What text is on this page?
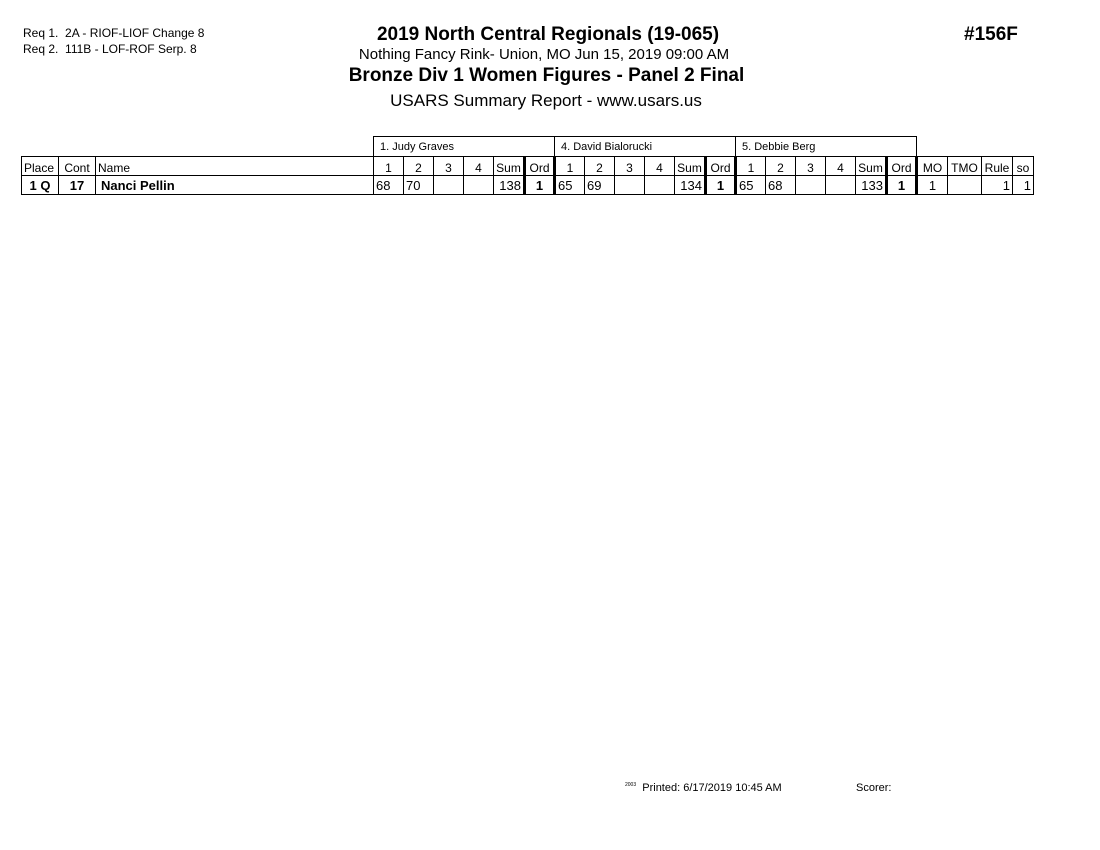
Req 1. 2A - RIOF-LIOF Change 8
Req 2. 111B - LOF-ROF Serp. 8
2019 North Central Regionals (19-065)
Nothing Fancy Rink- Union, MO Jun 15, 2019 09:00 AM
Bronze Div 1 Women Figures - Panel 2 Final
USARS Summary Report - www.usars.us
#156F
			1. Judy Graves						4. David Bialorucki						5. Debbie Berg									
Place	Cont	Name	1	2	3	4	Sum	Ord	1	2	3	4	Sum	Ord	1	2	3	4	Sum	Ord	MO	TMO	Rule	so
1 Q	17	Nanci Pellin	68	70			138	1	65	69			134	1	65	68			133	1	1		1	1
$^{2003}$ Printed: 6/17/2019 10:45 AM	Scorer:
